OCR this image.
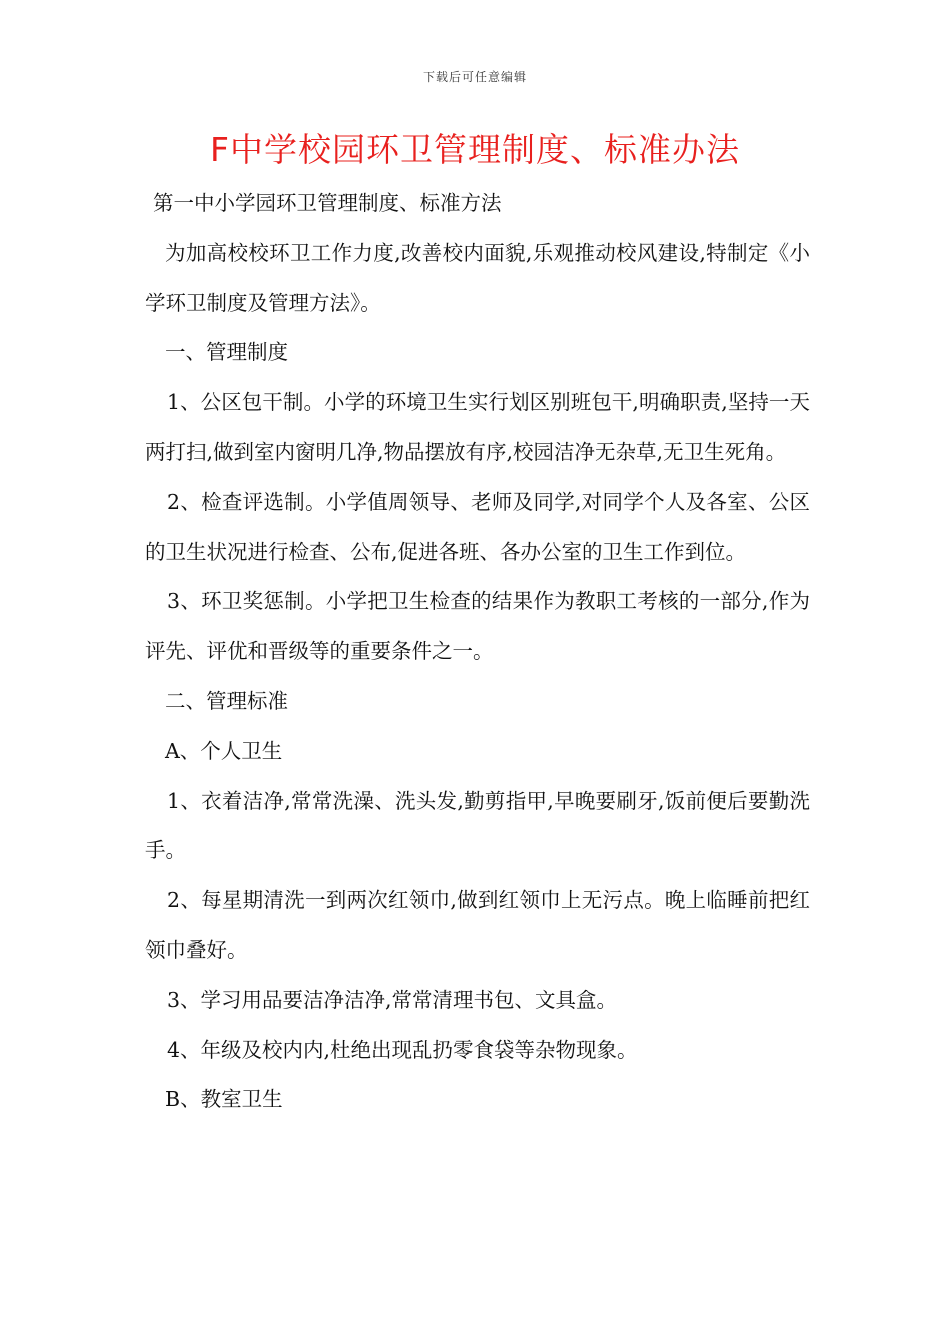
下载后可任意编辑
F中学校园环卫管理制度、标准办法

第一中小学园环卫管理制度、标准方法

为加高校校环卫工作力度,改善校内面貌,乐观推动校风建设,特制定《小学环卫制度及管理方法》。

一、管理制度

1、公区包干制。小学的环境卫生实行划区别班包干,明确职责,坚持一天两打扫,做到室内窗明几净,物品摆放有序,校园洁净无杂草,无卫生死角。

2、检查评选制。小学值周领导、老师及同学,对同学个人及各室、公区的卫生状况进行检查、公布,促进各班、各办公室的卫生工作到位。

3、环卫奖惩制。小学把卫生检查的结果作为教职工考核的一部分,作为评先、评优和晋级等的重要条件之一。

二、管理标准

A、个人卫生

1、衣着洁净,常常洗澡、洗头发,勤剪指甲,早晚要刷牙,饭前便后要勤洗手。

2、每星期清洗一到两次红领巾,做到红领巾上无污点。晚上临睡前把红领巾叠好。

3、学习用品要洁净洁净,常常清理书包、文具盒。

4、年级及校内内,杜绝出现乱扔零食袋等杂物现象。

B、教室卫生
